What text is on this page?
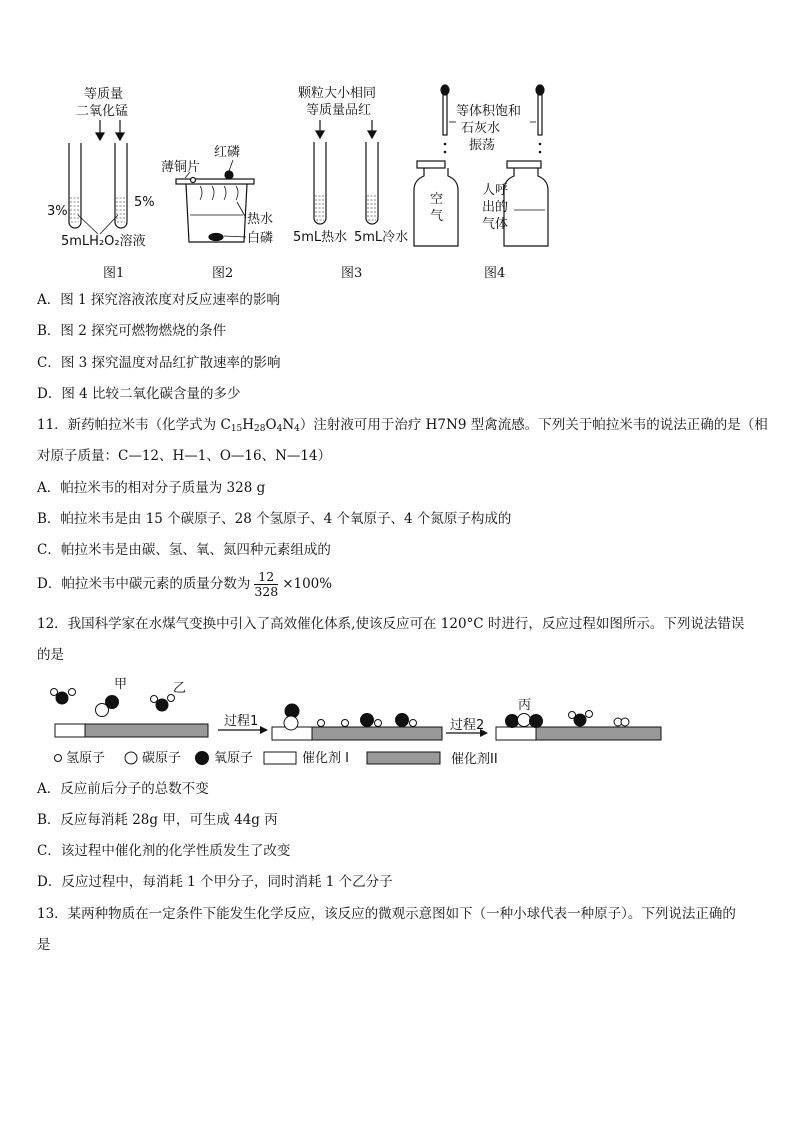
等质量
二氧化锰
3%
5%
5mLH₂O₂溶液
图1
薄铜片
红磷
热水
白磷
图2
颗粒大小相同
等质量品红
5mL热水 5mL冷水
图3
等体积饱和
石灰水
振荡
空
气
人呼
出的
气体
图4
A．图 1 探究溶液浓度对反应速率的影响
B．图 2 探究可燃物燃烧的条件
C．图 3 探究温度对品红扩散速率的影响
D．图 4 比较二氧化碳含量的多少
11．新药帕拉米韦（化学式为 $C_{15}H_{28}O_4N_4$）注射液可用于治疗 H7N9 型禽流感。下列关于帕拉米韦的说法正确的是（相
对原子质量：C—12、H—1、O—16、N—14）
A．帕拉米韦的相对分子质量为 328 g
B．帕拉米韦是由 15 个碳原子、28 个氢原子、4 个氧原子、4 个氮原子构成的
C．帕拉米韦是由碳、氢、氧、氮四种元素组成的
D．帕拉米韦中碳元素的质量分数为 $\frac{12}{328} \times 100\%$
12．我国科学家在水煤气变换中引入了高效催化体系,使该反应可在 120°C 时进行，反应过程如图所示。下列说法错误
的是
甲	乙
丙
过程1	过程2
氢原子	碳原子	氧原子	催化剂 I	催化剂II
A．反应前后分子的总数不变
B．反应每消耗 28g 甲，可生成 44g 丙
C．该过程中催化剂的化学性质发生了改变
D．反应过程中，每消耗 1 个甲分子，同时消耗 1 个乙分子
13．某两种物质在一定条件下能发生化学反应，该反应的微观示意图如下（一种小球代表一种原子）。下列说法正确的
是
